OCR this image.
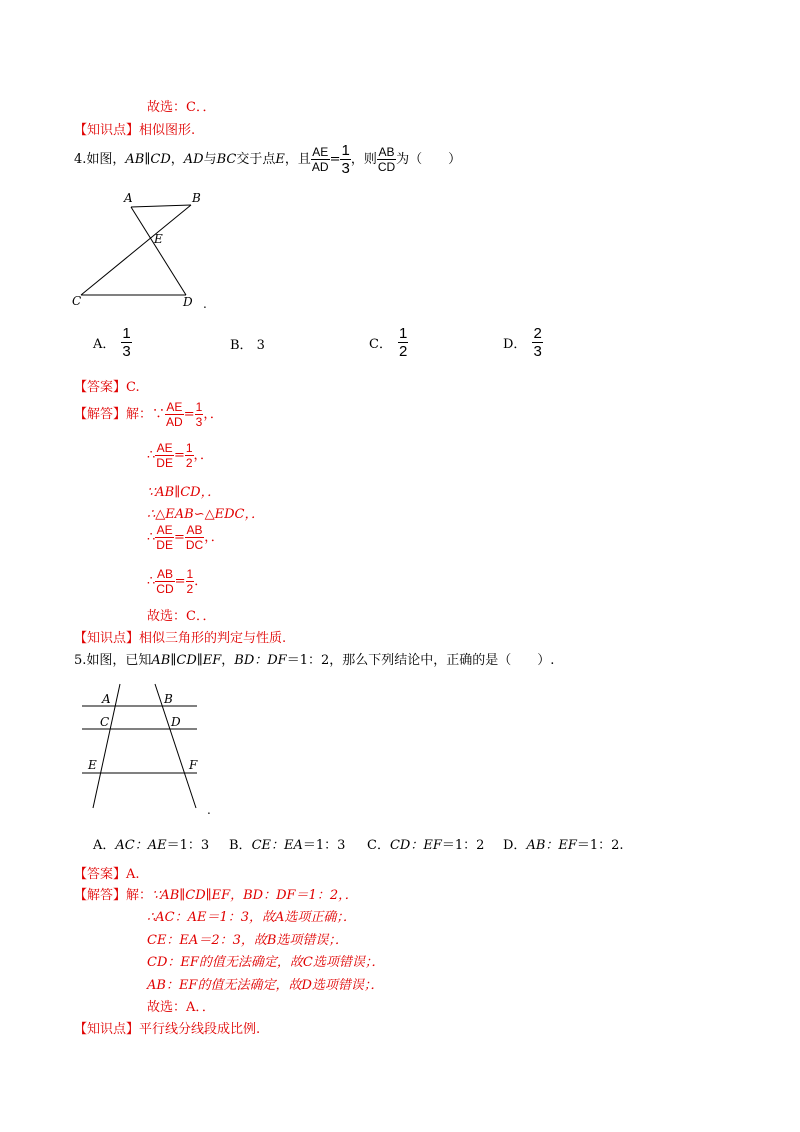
故选：C．．
【知识点】相似图形.
4.如图，AB∥CD，AD与BC交于点E，且 $\frac{AE}{AD} = \frac{1}{3}$ ，则 $\frac{AB}{CD}$ 为（　　）
A	B
E
C	D .
A． $\frac{1}{3}$	B． 3	C． $\frac{1}{2}$	D． $\frac{2}{3}$
【答案】C.
【解答】解：∵ $\frac{AE}{AD} = \frac{1}{3}$ ，．
∴ $\frac{AE}{DE} = \frac{1}{2}$ ，．
∵AB∥CD，．
∴△EAB∽△EDC，．
∴ $\frac{AE}{DE} = \frac{AB}{DC}$ ，．
∴ $\frac{AB}{CD} = \frac{1}{2}$ ．
故选：C．．
【知识点】相似三角形的判定与性质.
5.如图，已知AB∥CD∥EF，BD：DF＝1：2，那么下列结论中，正确的是（　　）.
A	B
C	D
E	F
.
A．AC：AE＝1：3 B．CE：EA＝1：3 C．CD：EF＝1：2 D．AB：EF＝1：2.
【答案】A.
【解答】解：∵AB∥CD∥EF，BD：DF＝1：2，．
∴AC：AE＝1：3，故A选项正确；．
CE：EA＝2：3，故B选项错误；．
CD：EF的值无法确定，故C选项错误；．
AB：EF的值无法确定，故D选项错误；．
故选：A．．
【知识点】平行线分线段成比例.
